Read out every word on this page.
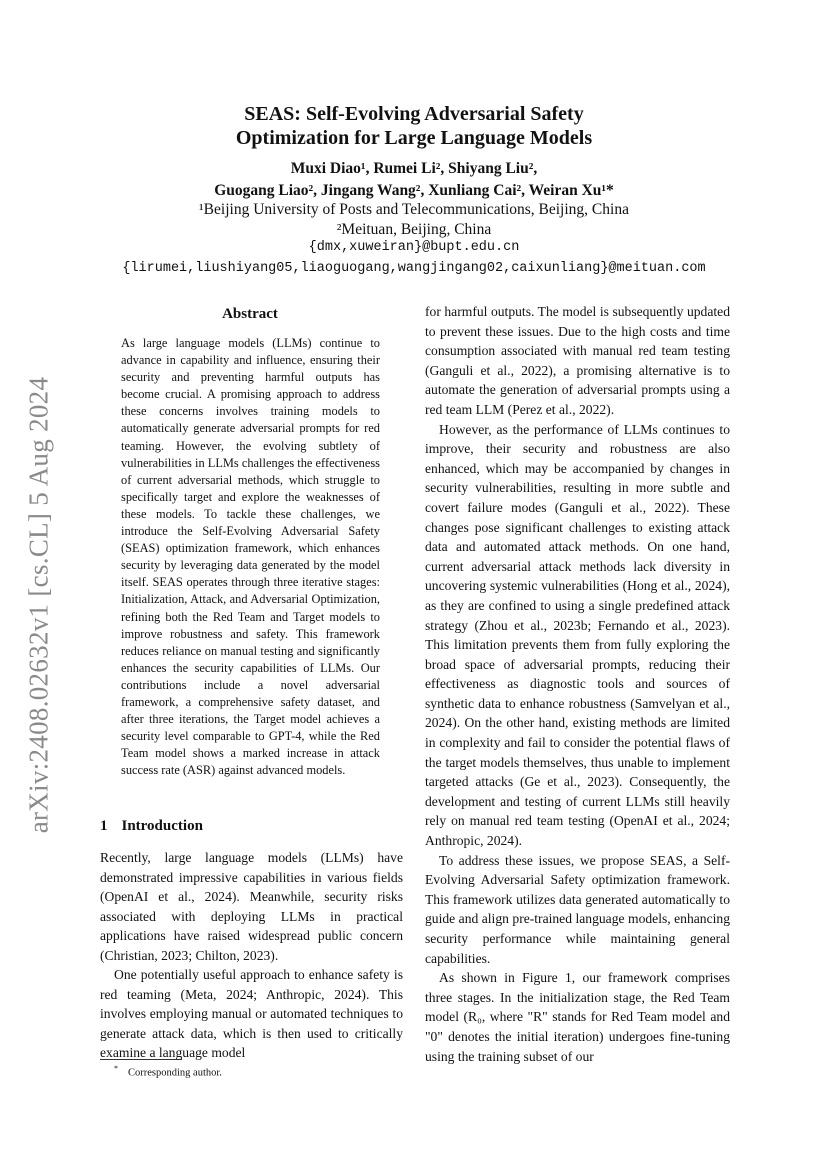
arXiv:2408.02632v1 [cs.CL] 5 Aug 2024
SEAS: Self-Evolving Adversarial Safety
Optimization for Large Language Models
Muxi Diao¹, Rumei Li², Shiyang Liu²,
Guogang Liao², Jingang Wang², Xunliang Cai², Weiran Xu¹*
¹Beijing University of Posts and Telecommunications, Beijing, China
²Meituan, Beijing, China
{dmx,xuweiran}@bupt.edu.cn
{lirumei,liushiyang05,liaoguogang,wangjingang02,caixunliang}@meituan.com
Abstract

As large language models (LLMs) continue to advance in capability and influence, ensuring their security and preventing harmful outputs has become crucial. A promising approach to address these concerns involves training models to automatically generate adversarial prompts for red teaming. However, the evolving subtlety of vulnerabilities in LLMs challenges the effectiveness of current adversarial methods, which struggle to specifically target and explore the weaknesses of these models. To tackle these challenges, we introduce the Self-Evolving Adversarial Safety (SEAS) optimization framework, which enhances security by leveraging data generated by the model itself. SEAS operates through three iterative stages: Initialization, Attack, and Adversarial Optimization, refining both the Red Team and Target models to improve robustness and safety. This framework reduces reliance on manual testing and significantly enhances the security capabilities of LLMs. Our contributions include a novel adversarial framework, a comprehensive safety dataset, and after three iterations, the Target model achieves a security level comparable to GPT-4, while the Red Team model shows a marked increase in attack success rate (ASR) against advanced models.

1 Introduction

Recently, large language models (LLMs) have demonstrated impressive capabilities in various fields (OpenAI et al., 2024). Meanwhile, security risks associated with deploying LLMs in practical applications have raised widespread public concern (Christian, 2023; Chilton, 2023).

One potentially useful approach to enhance safety is red teaming (Meta, 2024; Anthropic, 2024). This involves employing manual or automated techniques to generate attack data, which is then used to critically examine a language model

for harmful outputs. The model is subsequently updated to prevent these issues. Due to the high costs and time consumption associated with manual red team testing (Ganguli et al., 2022), a promising alternative is to automate the generation of adversarial prompts using a red team LLM (Perez et al., 2022).

However, as the performance of LLMs continues to improve, their security and robustness are also enhanced, which may be accompanied by changes in security vulnerabilities, resulting in more subtle and covert failure modes (Ganguli et al., 2022). These changes pose significant challenges to existing attack data and automated attack methods. On one hand, current adversarial attack methods lack diversity in uncovering systemic vulnerabilities (Hong et al., 2024), as they are confined to using a single predefined attack strategy (Zhou et al., 2023b; Fernando et al., 2023). This limitation prevents them from fully exploring the broad space of adversarial prompts, reducing their effectiveness as diagnostic tools and sources of synthetic data to enhance robustness (Samvelyan et al., 2024). On the other hand, existing methods are limited in complexity and fail to consider the potential flaws of the target models themselves, thus unable to implement targeted attacks (Ge et al., 2023). Consequently, the development and testing of current LLMs still heavily rely on manual red team testing (OpenAI et al., 2024; Anthropic, 2024).

To address these issues, we propose SEAS, a Self-Evolving Adversarial Safety optimization framework. This framework utilizes data generated automatically to guide and align pre-trained language models, enhancing security performance while maintaining general capabilities.

As shown in Figure 1, our framework comprises three stages. In the initialization stage, the Red Team model (R₀, where "R" stands for Red Team model and "0" denotes the initial iteration) undergoes fine-tuning using the training subset of our

* Corresponding author.
